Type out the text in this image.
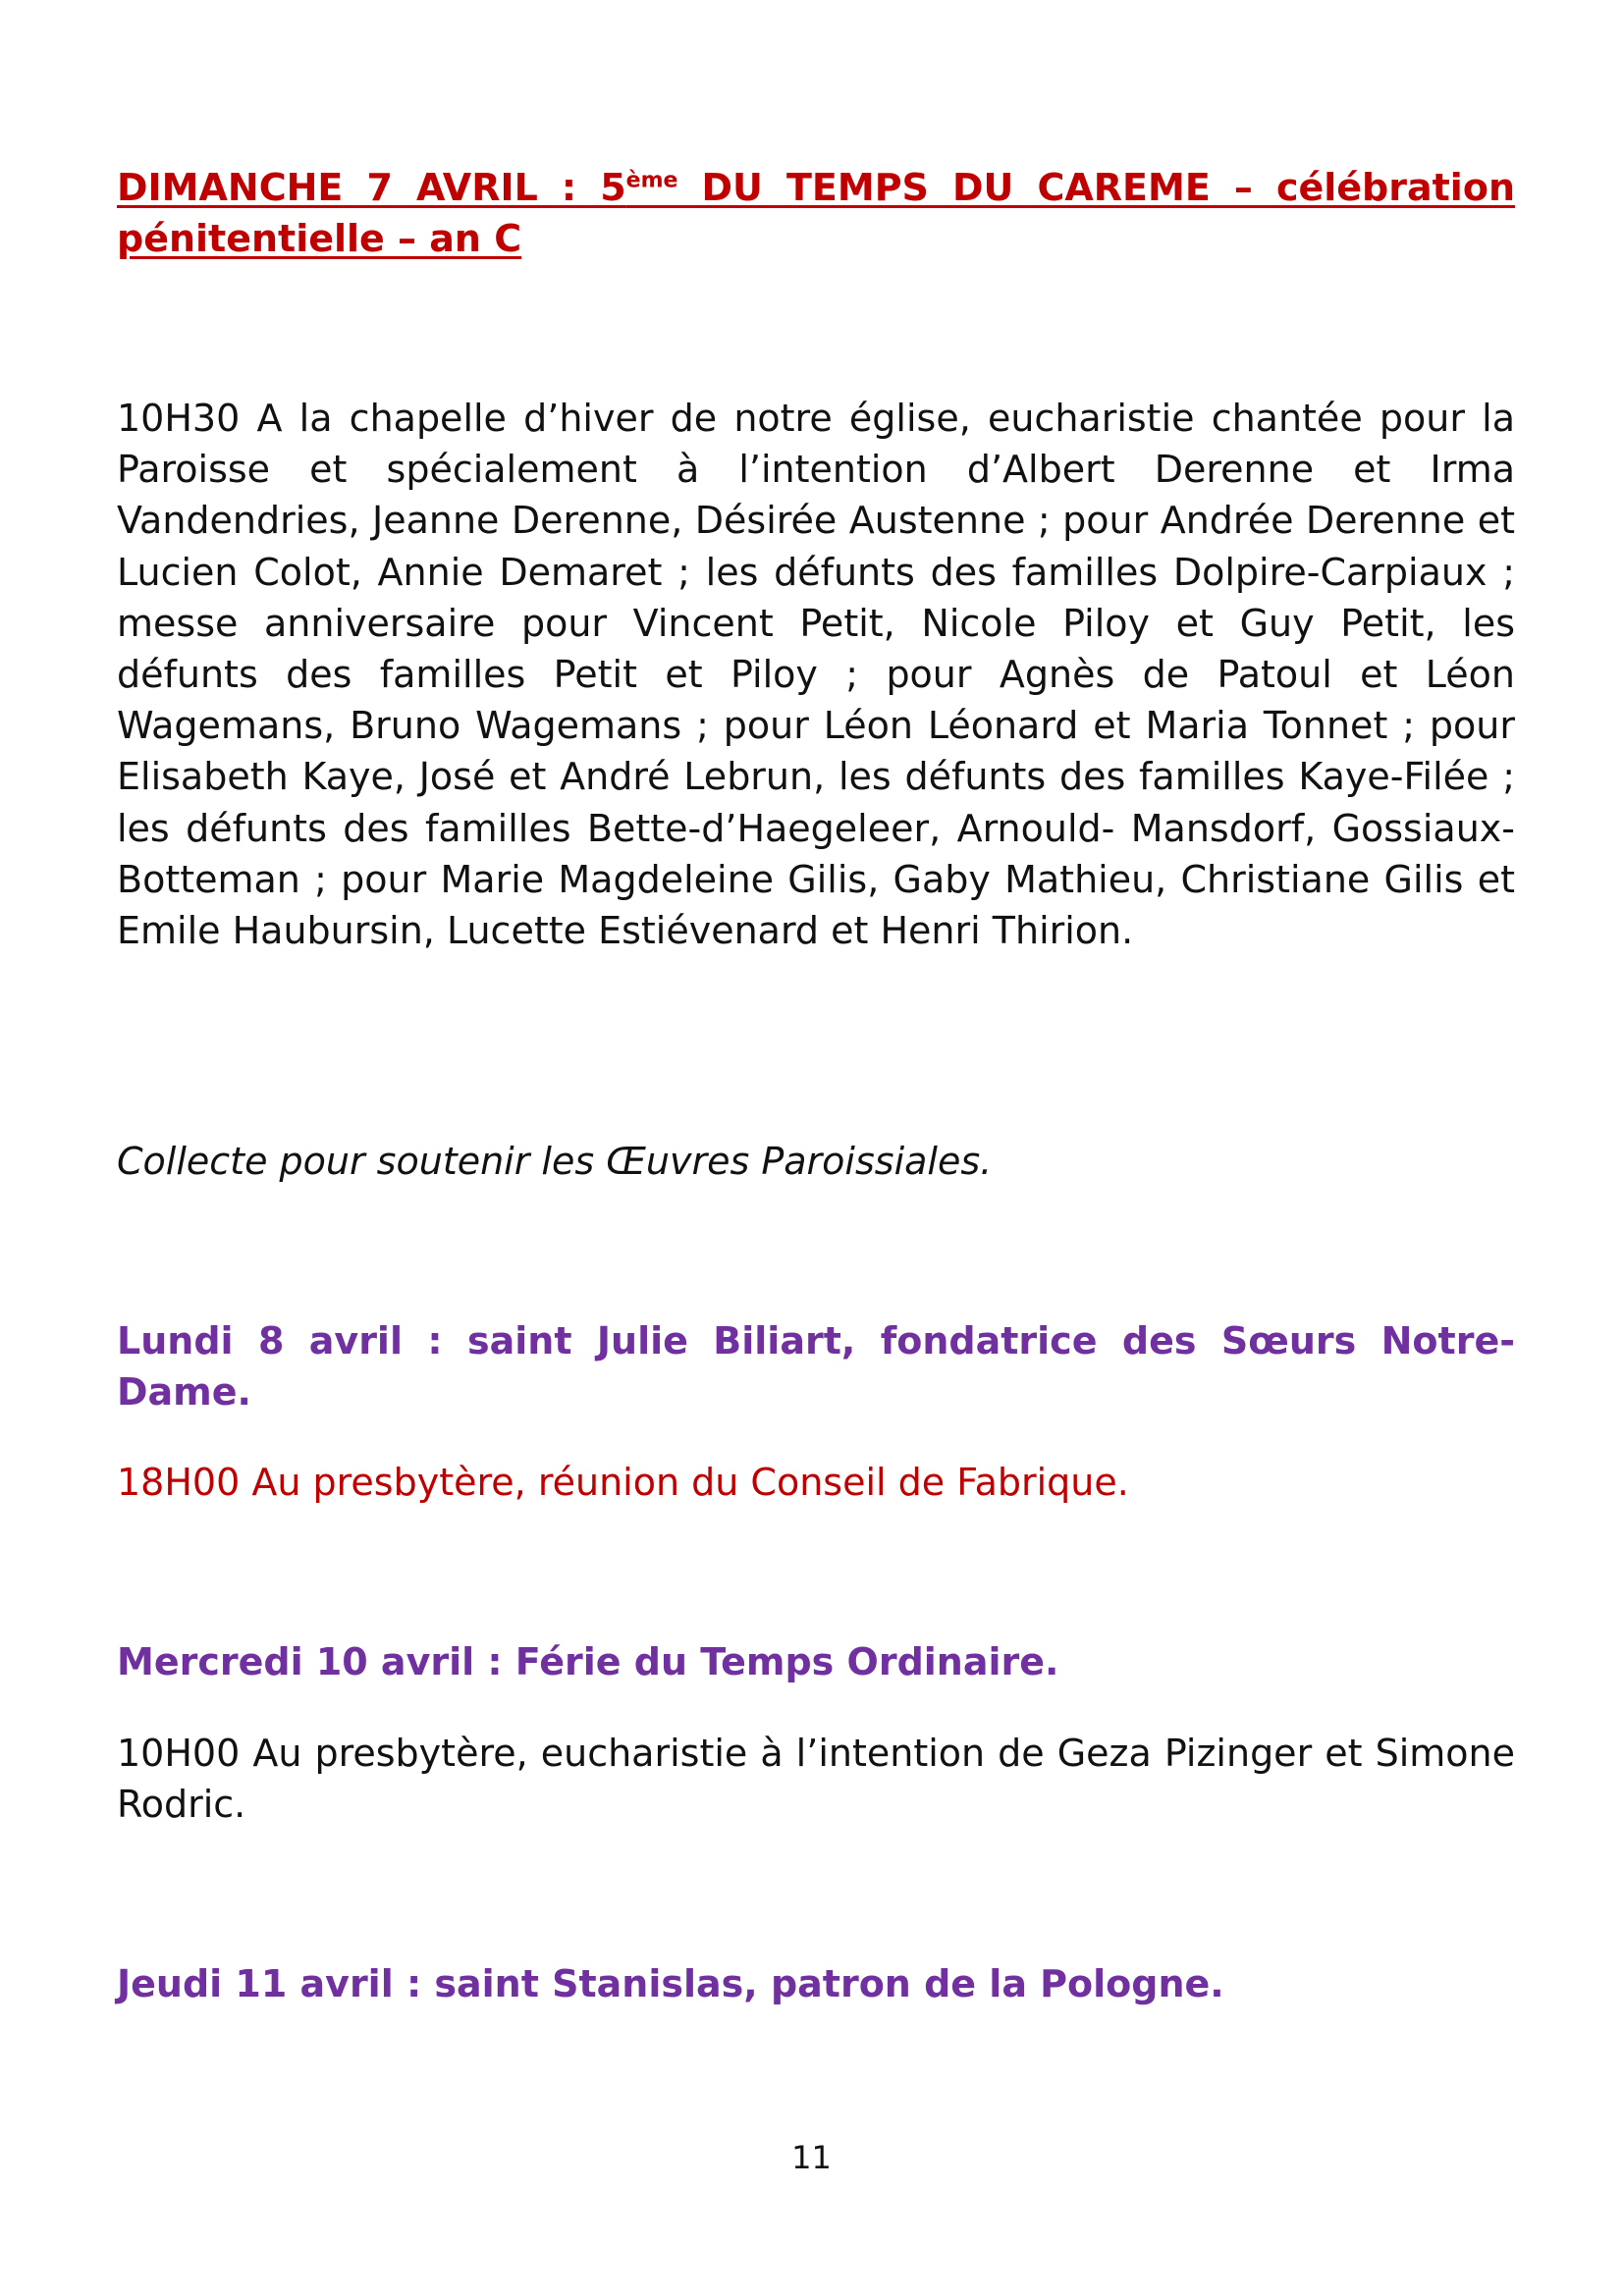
DIMANCHE 7 AVRIL : 5ème DU TEMPS DU CAREME – célébration pénitentielle – an C

10H30 A la chapelle d’hiver de notre église, eucharistie chantée pour la Paroisse et spécialement à l’intention d’Albert Derenne et Irma Vandendries, Jeanne Derenne, Désirée Austenne ; pour Andrée Derenne et Lucien Colot, Annie Demaret ; les défunts des familles Dolpire-Carpiaux ; messe anniversaire pour Vincent Petit, Nicole Piloy et Guy Petit, les défunts des familles Petit et Piloy ; pour Agnès de Patoul et Léon Wagemans, Bruno Wagemans ; pour Léon Léonard et Maria Tonnet ; pour Elisabeth Kaye, José et André Lebrun, les défunts des familles Kaye-Filée ; les défunts des familles Bette-d’Haegeleer, Arnould- Mansdorf, Gossiaux-Botteman ; pour Marie Magdeleine Gilis, Gaby Mathieu, Christiane Gilis et Emile Haubursin, Lucette Estiévenard et Henri Thirion.

Collecte pour soutenir les Œuvres Paroissiales.

Lundi 8 avril : saint Julie Biliart, fondatrice des Sœurs Notre-Dame.

18H00 Au presbytère, réunion du Conseil de Fabrique.

Mercredi 10 avril : Férie du Temps Ordinaire.

10H00 Au presbytère, eucharistie à l’intention de Geza Pizinger et Simone Rodric.

Jeudi 11 avril : saint Stanislas, patron de la Pologne.
11
